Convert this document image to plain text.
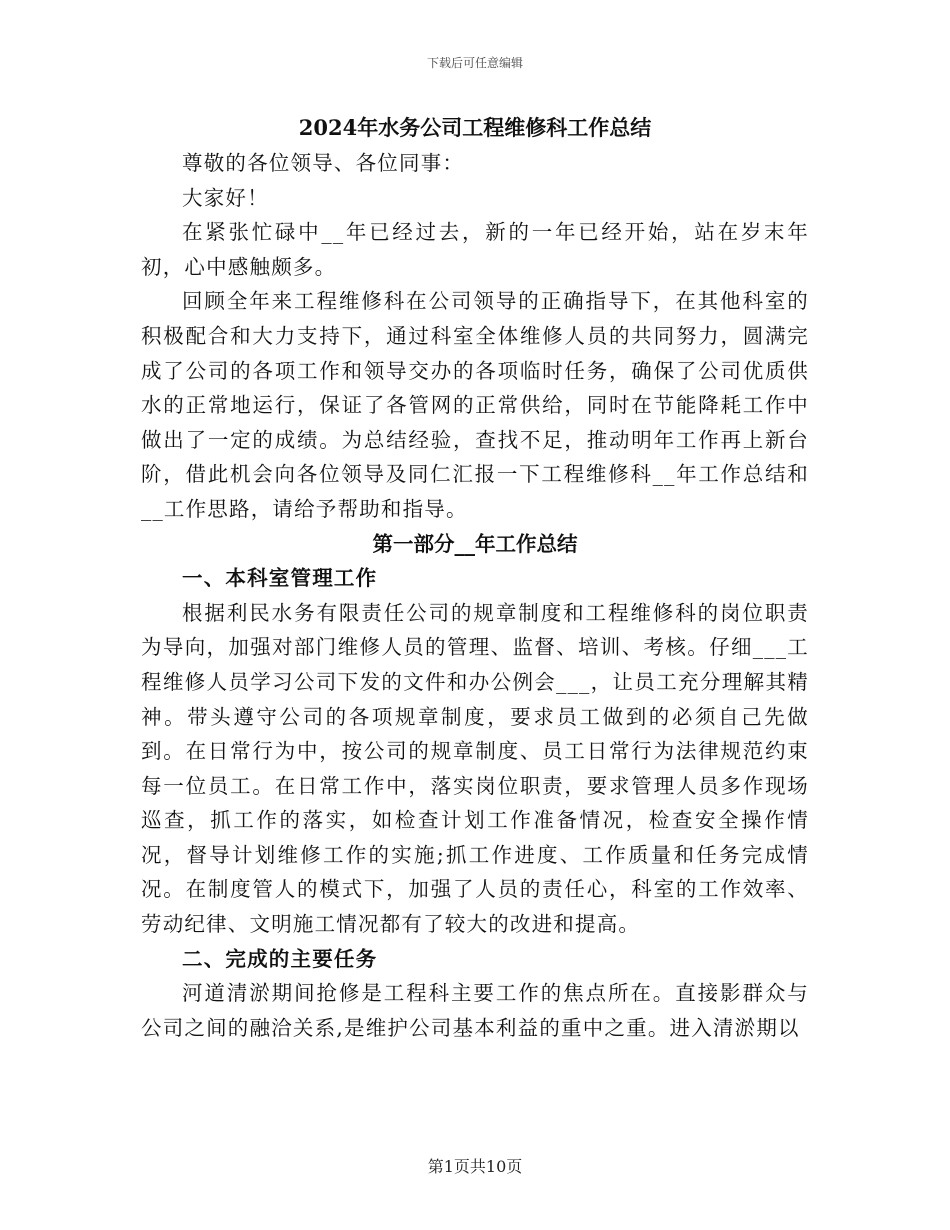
下载后可任意编辑
2024年水务公司工程维修科工作总结

尊敬的各位领导、各位同事：

大家好！

在紧张忙碌中__年已经过去，新的一年已经开始，站在岁末年初，心中感触颇多。

回顾全年来工程维修科在公司领导的正确指导下，在其他科室的积极配合和大力支持下，通过科室全体维修人员的共同努力，圆满完成了公司的各项工作和领导交办的各项临时任务，确保了公司优质供水的正常地运行，保证了各管网的正常供给，同时在节能降耗工作中做出了一定的成绩。为总结经验，查找不足，推动明年工作再上新台阶，借此机会向各位领导及同仁汇报一下工程维修科__年工作总结和__工作思路，请给予帮助和指导。

第一部分__年工作总结
一、本科室管理工作

根据利民水务有限责任公司的规章制度和工程维修科的岗位职责为导向，加强对部门维修人员的管理、监督、培训、考核。仔细___工程维修人员学习公司下发的文件和办公例会___，让员工充分理解其精神。带头遵守公司的各项规章制度，要求员工做到的必须自己先做到。在日常行为中，按公司的规章制度、员工日常行为法律规范约束每一位员工。在日常工作中，落实岗位职责，要求管理人员多作现场巡查，抓工作的落实，如检查计划工作准备情况，检查安全操作情况，督导计划维修工作的实施;抓工作进度、工作质量和任务完成情况。在制度管人的模式下，加强了人员的责任心，科室的工作效率、劳动纪律、文明施工情况都有了较大的改进和提高。

二、完成的主要任务

河道清淤期间抢修是工程科主要工作的焦点所在。直接影群众与公司之间的融洽关系,是维护公司基本利益的重中之重。进入清淤期以

第1页共10页
